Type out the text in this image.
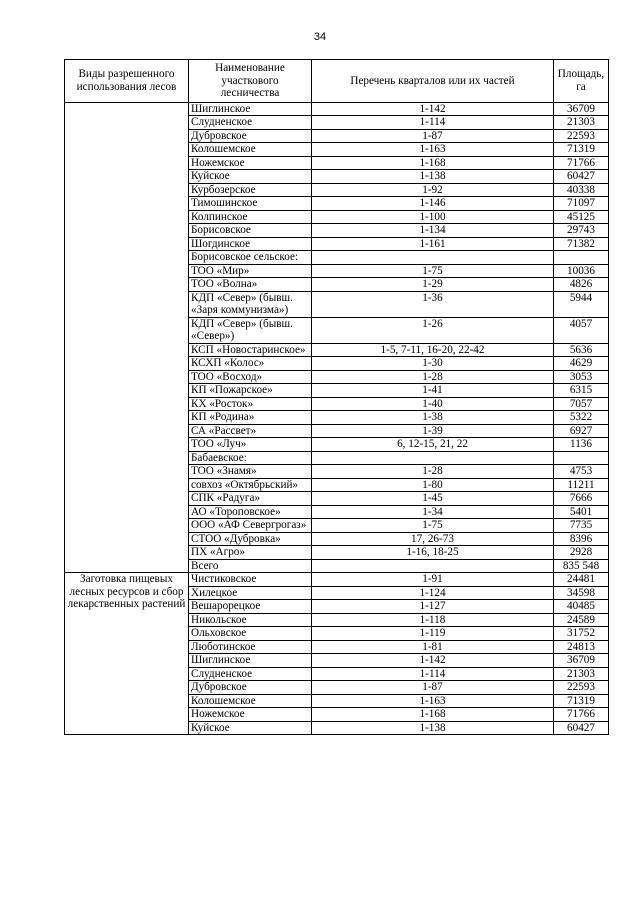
34
Виды разрешенного использования лесов	Наименование участкового лесничества	Перечень кварталов или их частей	Площадь, га
	Шиглинское	1-142	36709
	Слудненское	1-114	21303
	Дубровское	1-87	22593
	Колошемское	1-163	71319
	Ножемское	1-168	71766
	Куйское	1-138	60427
	Курбозерское	1-92	40338
	Тимошинское	1-146	71097
	Колпинское	1-100	45125
	Борисовское	1-134	29743
	Шогдинское	1-161	71382
	Борисовское сельское:		
	ТОО «Мир»	1-75	10036
	ТОО «Волна»	1-29	4826
	КДП «Север» (бывш. «Заря коммунизма»)	1-36	5944
	КДП «Север» (бывш. «Север»)	1-26	4057
	КСП «Новостаринское»	1-5, 7-11, 16-20, 22-42	5636
	КСХП «Колос»	1-30	4629
	ТОО «Восход»	1-28	3053
	КП «Пожарское»	1-41	6315
	КХ «Росток»	1-40	7057
	КП «Родина»	1-38	5322
	СА «Рассвет»	1-39	6927
	ТОО «Луч»	6, 12-15, 21, 22	1136
	Бабаевское:		
	ТОО «Знамя»	1-28	4753
	совхоз «Октябрьский»	1-80	11211
	СПК «Радуга»	1-45	7666
	АО «Тороповское»	1-34	5401
	ООО «АФ Севергрогаз»	1-75	7735
	СТОО «Дубровка»	17, 26-73	8396
	ПХ «Агро»	1-16, 18-25	2928
	Всего		835 548
Заготовка пищевых лесных ресурсов и сбор лекарственных растений	Чистиковское	1-91	24481
	Хилецкое	1-124	34598
	Вешарорецкое	1-127	40485
	Никольское	1-118	24589
	Ольховское	1-119	31752
	Люботинское	1-81	24813
	Шиглинское	1-142	36709
	Слудненское	1-114	21303
	Дубровское	1-87	22593
	Колошемское	1-163	71319
	Ножемское	1-168	71766
	Куйское	1-138	60427
